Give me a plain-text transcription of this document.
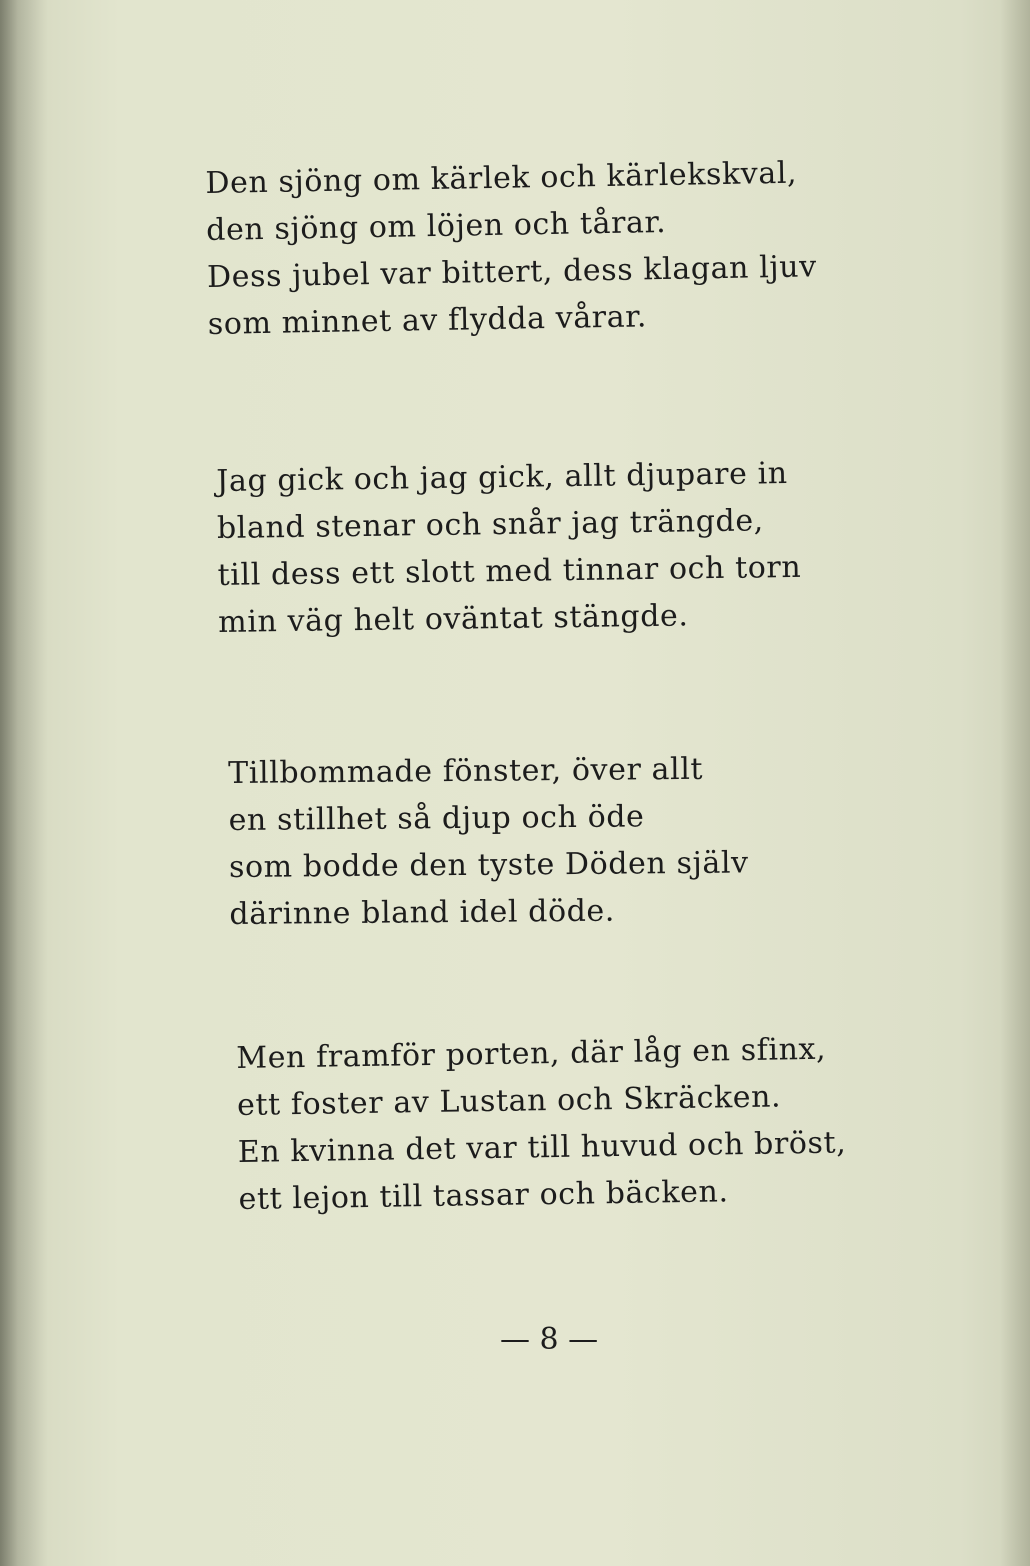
Den sjöng om kärlek och kärlekskval,
den sjöng om löjen och tårar.
Dess jubel var bittert, dess klagan ljuv
som minnet av flydda vårar.

Jag gick och jag gick, allt djupare in
bland stenar och snår jag trängde,
till dess ett slott med tinnar och torn
min väg helt oväntat stängde.

Tillbommade fönster, över allt
en stillhet så djup och öde
som bodde den tyste Döden själv
därinne bland idel döde.

Men framför porten, där låg en sfinx,
ett foster av Lustan och Skräcken.
En kvinna det var till huvud och bröst,
ett lejon till tassar och bäcken.

— 8 —
